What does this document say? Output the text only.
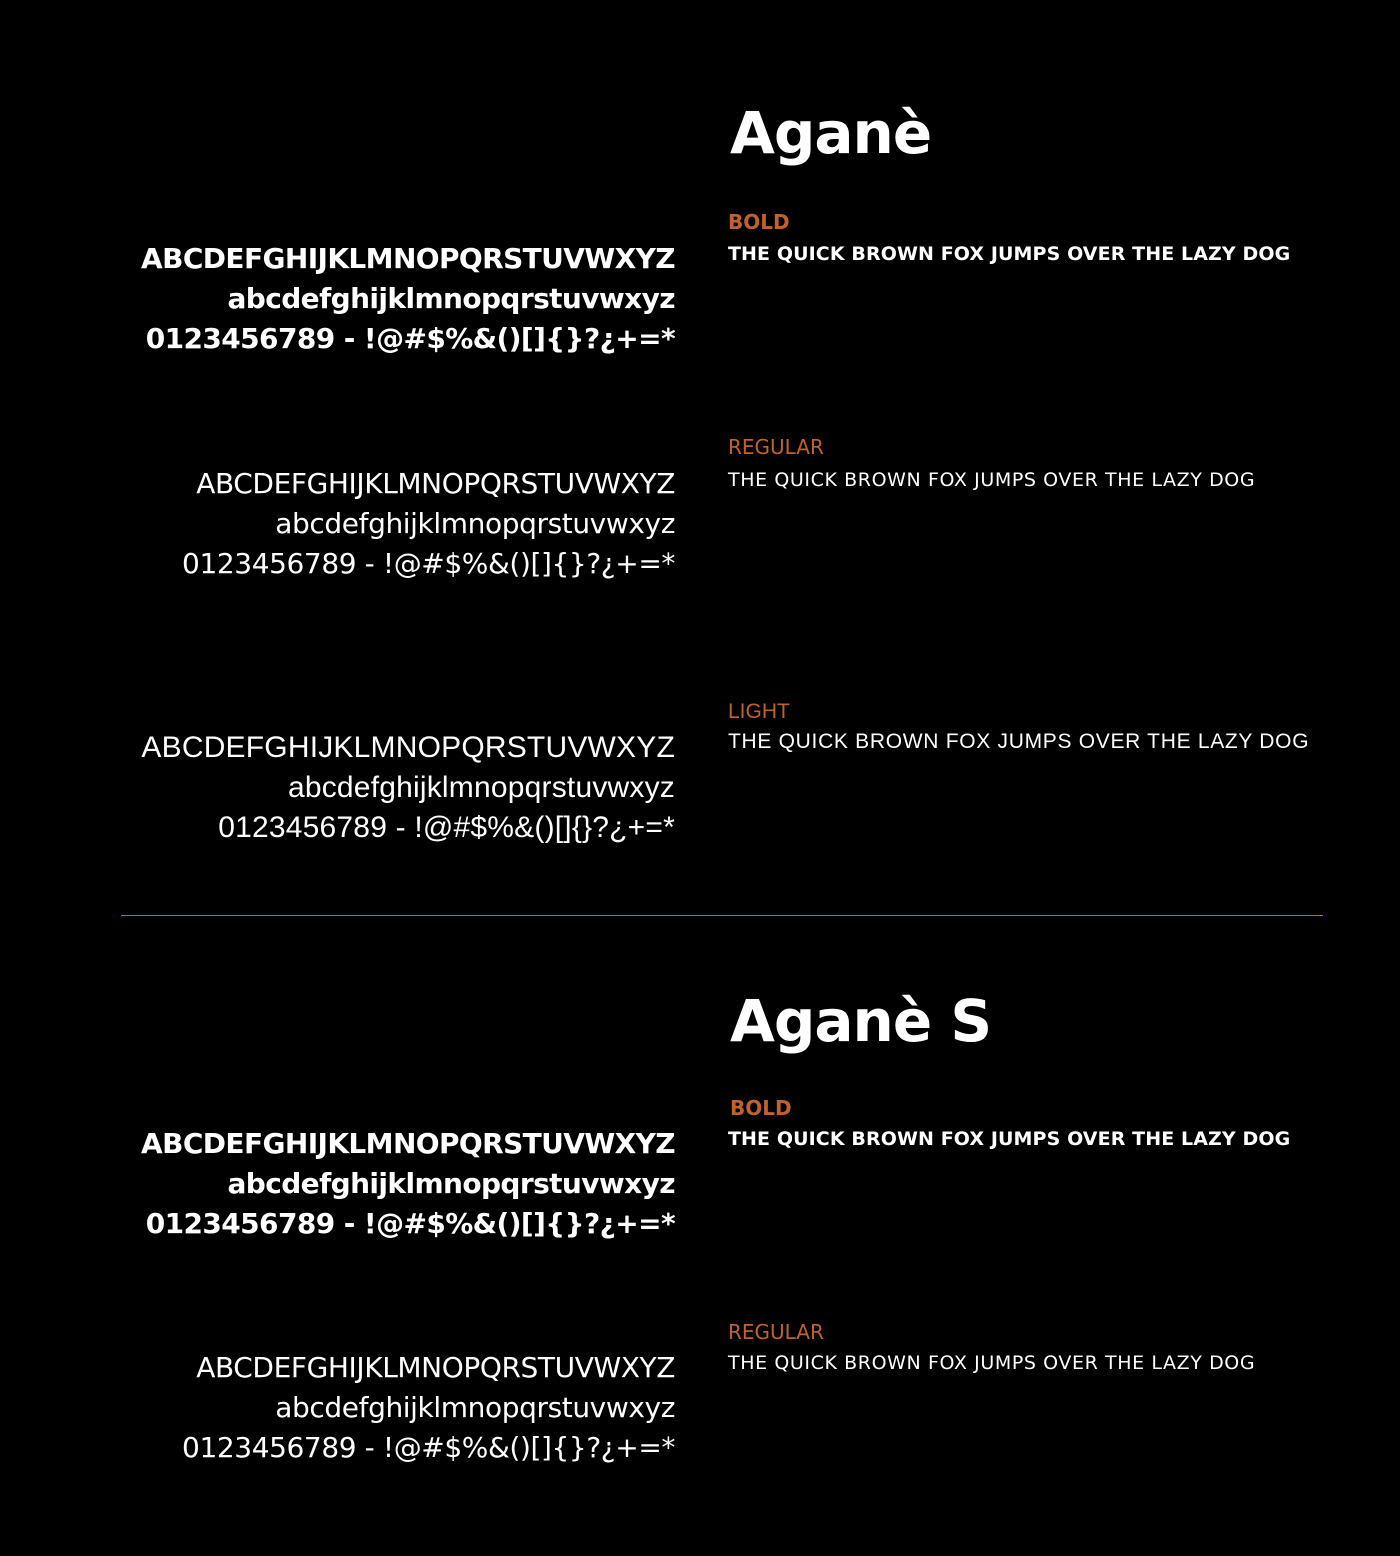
Aganè
ABCDEFGHIJKLMNOPQRSTUVWXYZ
abcdefghijklmnopqrstuvwxyz
0123456789 - !@#$%&()[]{}?¿+=*
BOLD
THE QUICK BROWN FOX JUMPS OVER THE LAZY DOG
ABCDEFGHIJKLMNOPQRSTUVWXYZ
abcdefghijklmnopqrstuvwxyz
0123456789 - !@#$%&()[]{}?¿+=*
REGULAR
THE QUICK BROWN FOX JUMPS OVER THE LAZY DOG
ABCDEFGHIJKLMNOPQRSTUVWXYZ
abcdefghijklmnopqrstuvwxyz
0123456789 - !@#$%&()[]{}?¿+=*
LIGHT
THE QUICK BROWN FOX JUMPS OVER THE LAZY DOG
Aganè S
ABCDEFGHIJKLMNOPQRSTUVWXYZ
abcdefghijklmnopqrstuvwxyz
0123456789 - !@#$%&()[]{}?¿+=*
BOLD
THE QUICK BROWN FOX JUMPS OVER THE LAZY DOG
ABCDEFGHIJKLMNOPQRSTUVWXYZ
abcdefghijklmnopqrstuvwxyz
0123456789 - !@#$%&()[]{}?¿+=*
REGULAR
THE QUICK BROWN FOX JUMPS OVER THE LAZY DOG
